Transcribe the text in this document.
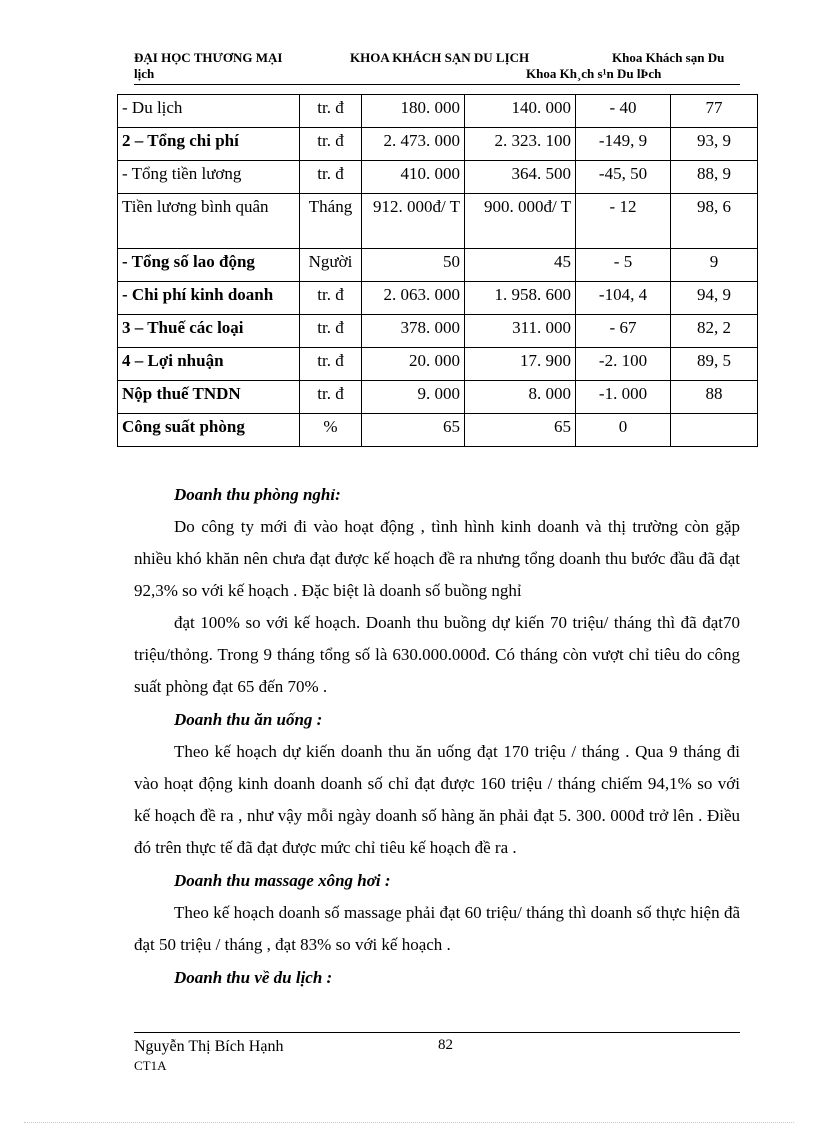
ĐẠI HỌC THƯƠNG MẠI	KHOA KHÁCH SẠN DU LỊCH	Khoa Khách sạn Du
lịch	Khoa Kh¸ch s¹n Du lÞch
- Du lịch	tr. đ	180. 000	140. 000	- 40	77
2 – Tổng chi phí	tr. đ	2. 473. 000	2. 323. 100	-149, 9	93, 9
- Tổng tiền lương	tr. đ	410. 000	364. 500	-45, 50	88, 9
Tiền lương bình quân	Tháng	912. 000đ/ T	900. 000đ/ T	- 12	98, 6
- Tổng số lao động	Người	50	45	- 5	9
- Chi phí kinh doanh	tr. đ	2. 063. 000	1. 958. 600	-104, 4	94, 9
3 – Thuế các loại	tr. đ	378. 000	311. 000	- 67	82, 2
4 – Lợi nhuận	tr. đ	20. 000	17. 900	-2. 100	89, 5
Nộp thuế TNDN	tr. đ	9. 000	8. 000	-1. 000	88
Công suất phòng	%	65	65	0	
Doanh thu phòng nghỉ:

Do công ty mới đi vào hoạt động , tình hình kinh doanh và thị trường còn gặp nhiều khó khăn nên chưa đạt được kế hoạch đề ra nhưng tổng doanh thu bước đầu đã đạt 92,3% so với kế hoạch . Đặc biệt là doanh số buồng nghỉ

đạt 100% so với kế hoạch. Doanh thu buồng dự kiến 70 triệu/ tháng thì đã đạt70 triệu/thỏng. Trong 9 tháng tổng số là 630.000.000đ. Có tháng còn vượt chỉ tiêu do công suất phòng đạt 65 đến 70% .

Doanh thu ăn uống :

Theo kế hoạch dự kiến doanh thu ăn uống đạt 170 triệu / tháng . Qua 9 tháng đi vào hoạt động kinh doanh doanh số chỉ đạt được 160 triệu / tháng chiếm 94,1% so với kế hoạch đề ra , như vậy mỗi ngày doanh số hàng ăn phải đạt 5. 300. 000đ trở lên . Điều đó trên thực tế đã đạt được mức chỉ tiêu kế hoạch đề ra .

Doanh thu massage xông hơi :

Theo kế hoạch doanh số massage phải đạt 60 triệu/ tháng thì doanh số thực hiện đã đạt 50 triệu / tháng , đạt 83% so với kế hoạch .

Doanh thu về du lịch :
Nguyễn Thị Bích Hạnh	82
CT1A
